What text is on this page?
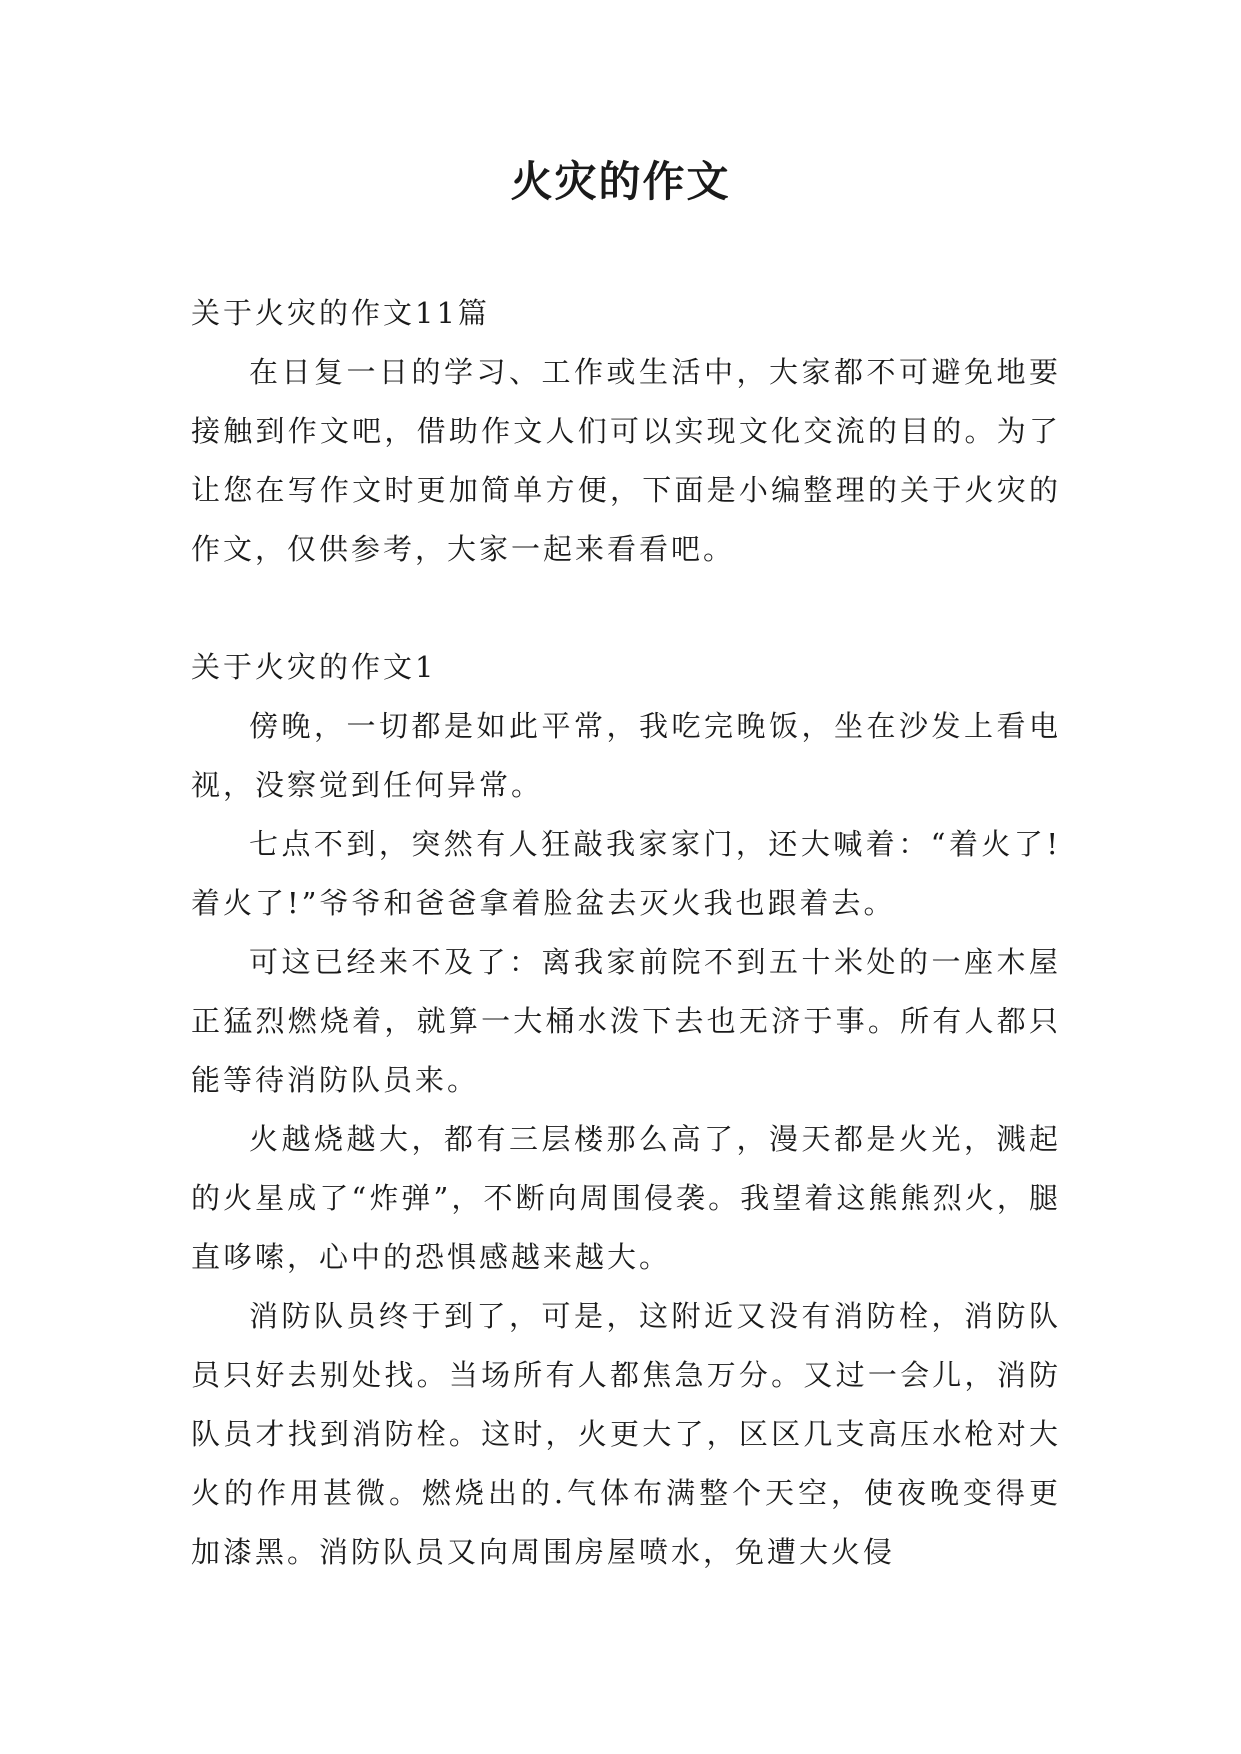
火灾的作文

关于火灾的作文11篇

在日复一日的学习、工作或生活中，大家都不可避免地要接触到作文吧，借助作文人们可以实现文化交流的目的。为了让您在写作文时更加简单方便，下面是小编整理的关于火灾的作文，仅供参考，大家一起来看看吧。

关于火灾的作文1

傍晚，一切都是如此平常，我吃完晚饭，坐在沙发上看电视，没察觉到任何异常。

七点不到，突然有人狂敲我家家门，还大喊着：“着火了!着火了!”爷爷和爸爸拿着脸盆去灭火我也跟着去。

可这已经来不及了：离我家前院不到五十米处的一座木屋正猛烈燃烧着，就算一大桶水泼下去也无济于事。所有人都只能等待消防队员来。

火越烧越大，都有三层楼那么高了，漫天都是火光，溅起的火星成了“炸弹”，不断向周围侵袭。我望着这熊熊烈火，腿直哆嗦，心中的恐惧感越来越大。

消防队员终于到了，可是，这附近又没有消防栓，消防队员只好去别处找。当场所有人都焦急万分。又过一会儿，消防队员才找到消防栓。这时，火更大了，区区几支高压水枪对大火的作用甚微。燃烧出的.气体布满整个天空，使夜晚变得更加漆黑。消防队员又向周围房屋喷水，免遭大火侵
